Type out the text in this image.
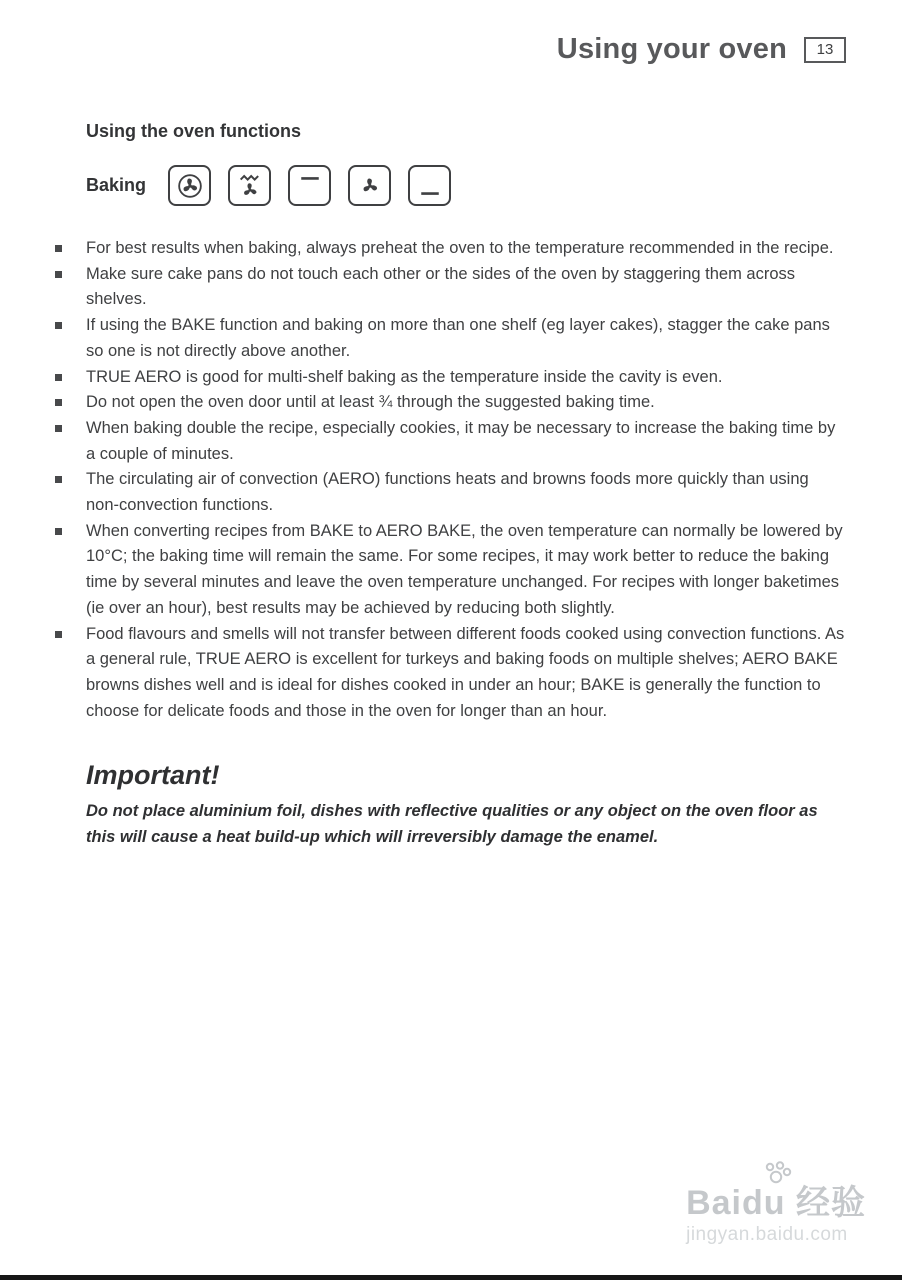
Using your oven 13
Using the oven functions
Baking
For best results when baking, always preheat the oven to the temperature recommended in the recipe.
Make sure cake pans do not touch each other or the sides of the oven by staggering them across shelves.
If using the BAKE function and baking on more than one shelf (eg layer cakes), stagger the cake pans so one is not directly above another.
TRUE AERO is good for multi-shelf baking as the temperature inside the cavity is even.
Do not open the oven door until at least ¾ through the suggested baking time.
When baking double the recipe, especially cookies, it may be necessary to increase the baking time by a couple of minutes.
The circulating air of convection (AERO) functions heats and browns foods more quickly than using non-convection functions.
When converting recipes from BAKE to AERO BAKE, the oven temperature can normally be lowered by 10°C; the baking time will remain the same. For some recipes, it may work better to reduce the baking time by several minutes and leave the oven temperature unchanged. For recipes with longer baketimes (ie over an hour), best results may be achieved by reducing both slightly.
Food flavours and smells will not transfer between different foods cooked using convection functions. As a general rule, TRUE AERO is excellent for turkeys and baking foods on multiple shelves; AERO BAKE browns dishes well and is ideal for dishes cooked in under an hour; BAKE is generally the function to choose for delicate foods and those in the oven for longer than an hour.
Important!

Do not place aluminium foil, dishes with reflective qualities or any object on the oven floor as this will cause a heat build-up which will irreversibly damage the enamel.

Baidu 经验
jingyan.baidu.com
